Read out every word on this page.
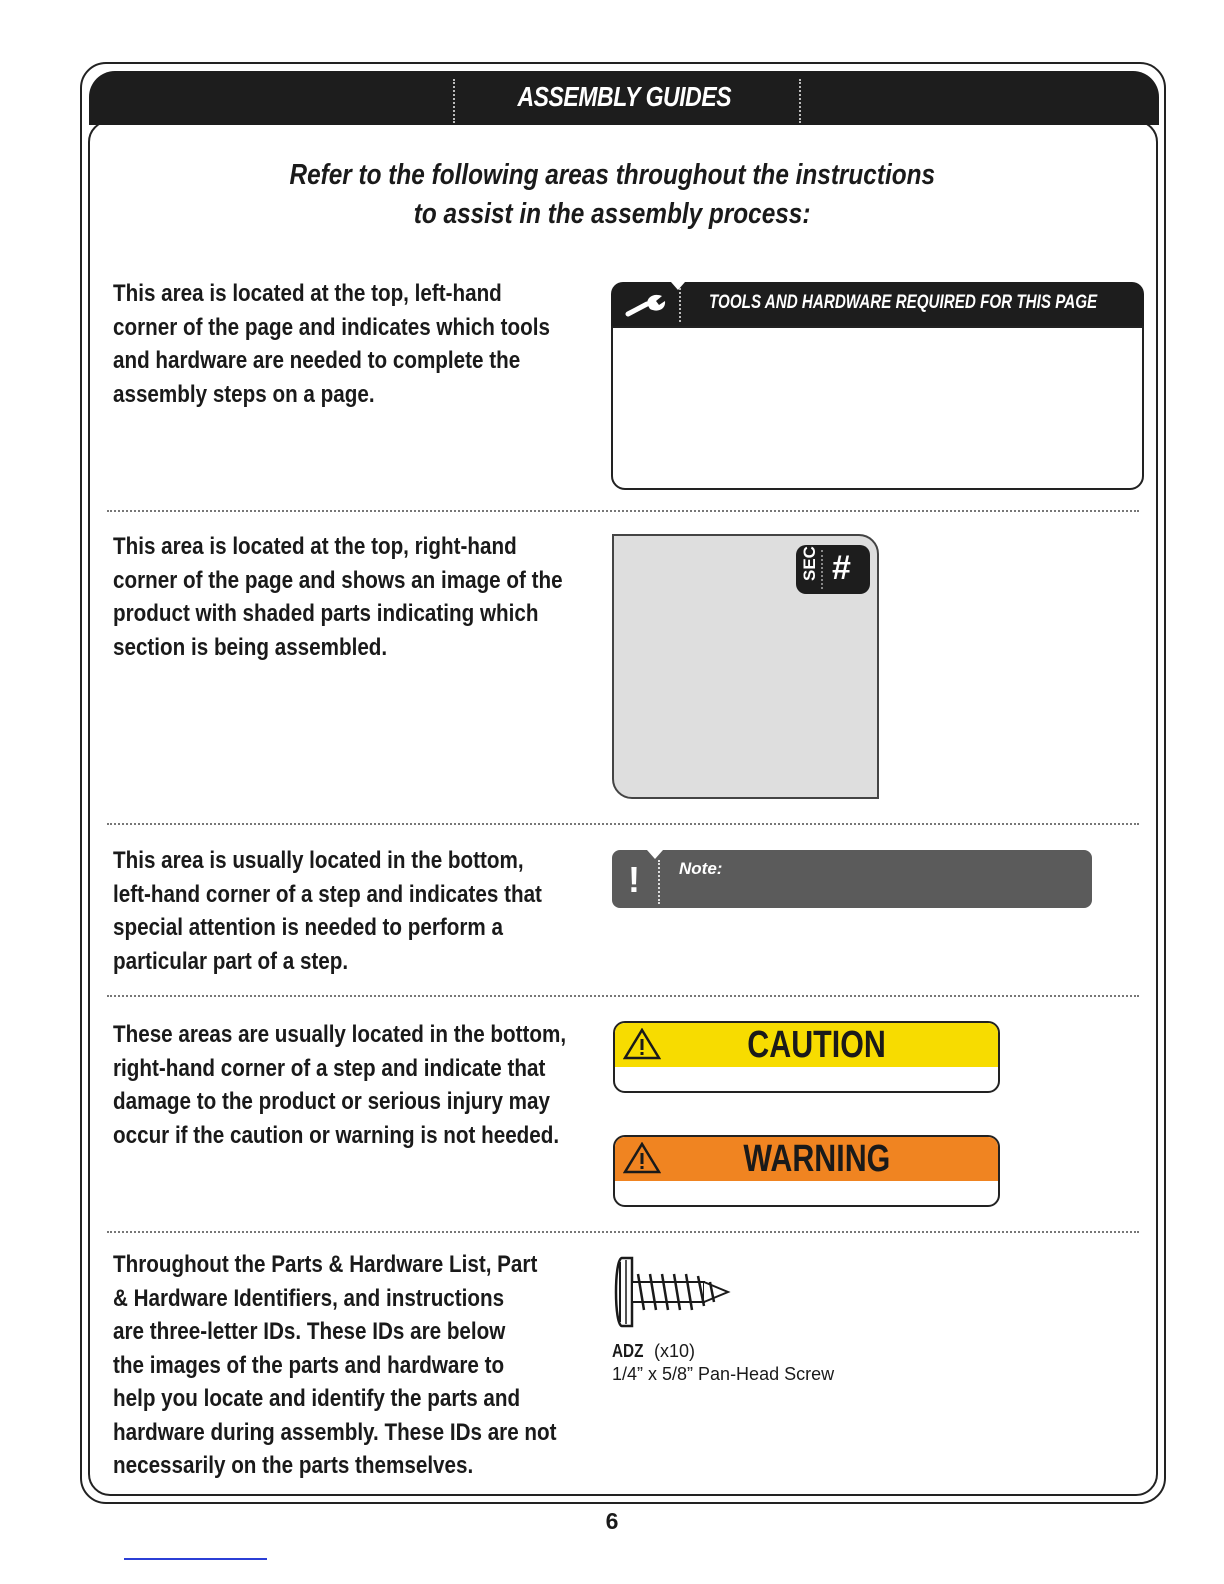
ASSEMBLY GUIDES
Refer to the following areas throughout the instructions
to assist in the assembly process:

This area is located at the top, left-hand

corner of the page and indicates which tools

and hardware are needed to complete the

assembly steps on a page.

TOOLS AND HARDWARE REQUIRED FOR THIS PAGE

This area is located at the top, right-hand

corner of the page and shows an image of the

product with shaded parts indicating which

section is being assembled.

SEC #

This area is usually located in the bottom,

left-hand corner of a step and indicates that

special attention is needed to perform a

particular part of a step.

! Note:

These areas are usually located in the bottom,

right-hand corner of a step and indicate that

damage to the product or serious injury may

occur if the caution or warning is not heeded.

CAUTION
WARNING

Throughout the Parts & Hardware List, Part

& Hardware Identifiers, and instructions

are three-letter IDs. These IDs are below

the images of the parts and hardware to

help you locate and identify the parts and

hardware during assembly. These IDs are not

necessarily on the parts themselves.

ADZ (x10)
1/4” x 5/8” Pan-Head Screw
6
